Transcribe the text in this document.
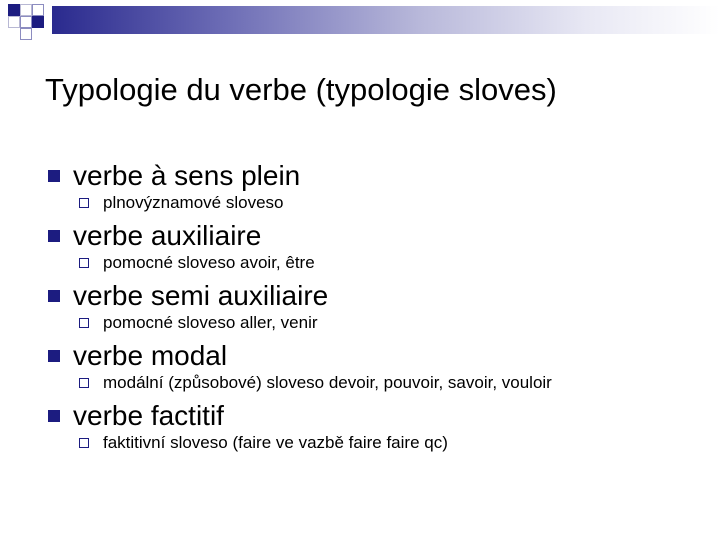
Typologie du verbe (typologie sloves)
verbe à sens plein
plnovýznamové sloveso
verbe auxiliaire
pomocné sloveso avoir, être
verbe semi auxiliaire
pomocné sloveso aller, venir
verbe modal
modální (způsobové) sloveso devoir, pouvoir, savoir, vouloir
verbe factitif
faktitivní sloveso (faire ve vazbě faire faire qc)
